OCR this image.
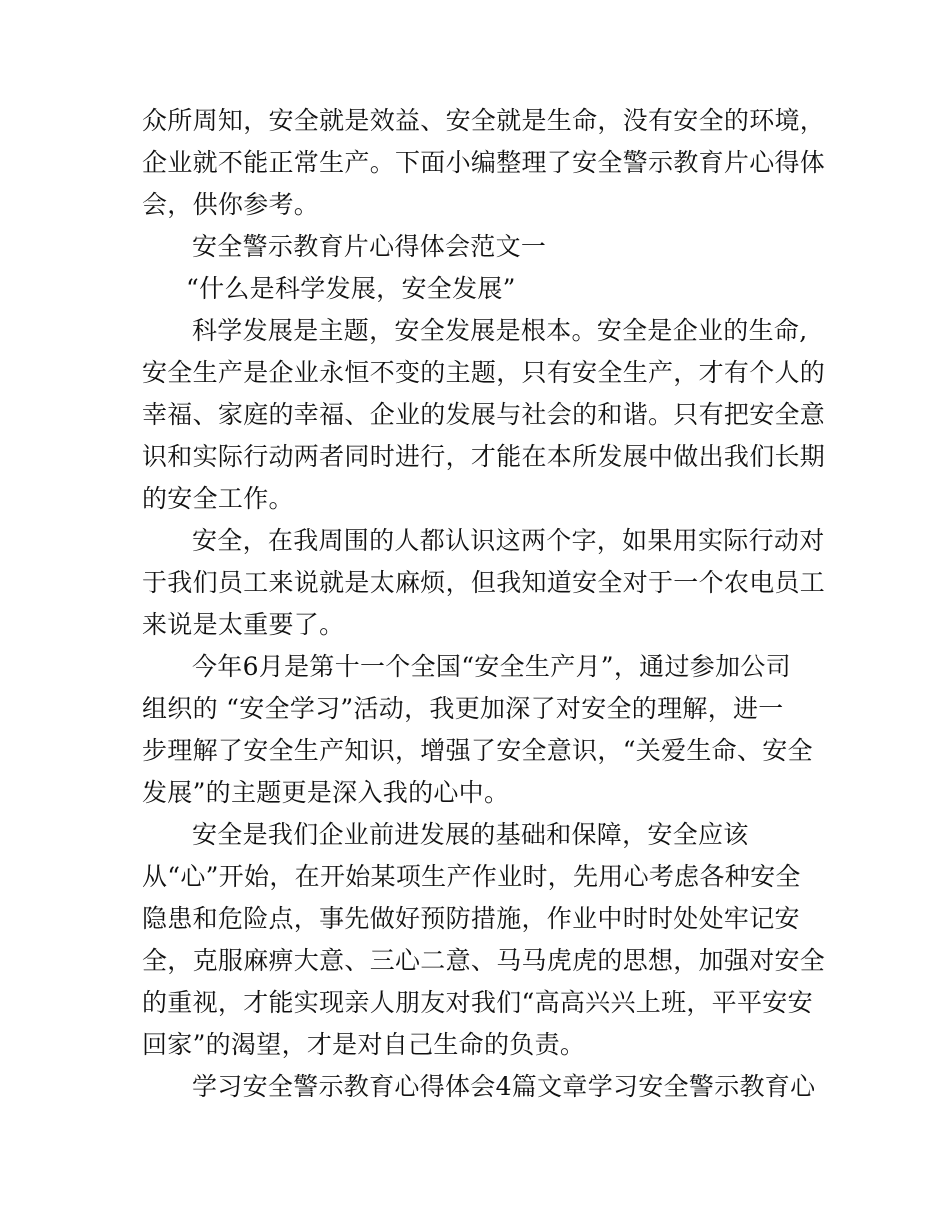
众所周知，安全就是效益、安全就是生命，没有安全的环境，
企业就不能正常生产。下面小编整理了安全警示教育片心得体
会，供你参考。
安全警示教育片心得体会范文一
“什么是科学发展，安全发展”
科学发展是主题，安全发展是根本。安全是企业的生命,
安全生产是企业永恒不变的主题，只有安全生产，才有个人的
幸福、家庭的幸福、企业的发展与社会的和谐。只有把安全意
识和实际行动两者同时进行，才能在本所发展中做出我们长期
的安全工作。
安全，在我周围的人都认识这两个字，如果用实际行动对
于我们员工来说就是太麻烦，但我知道安全对于一个农电员工
来说是太重要了。
今年6月是第十一个全国“安全生产月”，通过参加公司
组织的 “安全学习”活动，我更加深了对安全的理解，进一
步理解了安全生产知识，增强了安全意识，“关爱生命、安全
发展”的主题更是深入我的心中。
安全是我们企业前进发展的基础和保障，安全应该
从“心”开始，在开始某项生产作业时，先用心考虑各种安全
隐患和危险点，事先做好预防措施，作业中时时处处牢记安
全，克服麻痹大意、三心二意、马马虎虎的思想，加强对安全
的重视，才能实现亲人朋友对我们“高高兴兴上班，平平安安
回家”的渴望，才是对自己生命的负责。
学习安全警示教育心得体会4篇文章学习安全警示教育心
